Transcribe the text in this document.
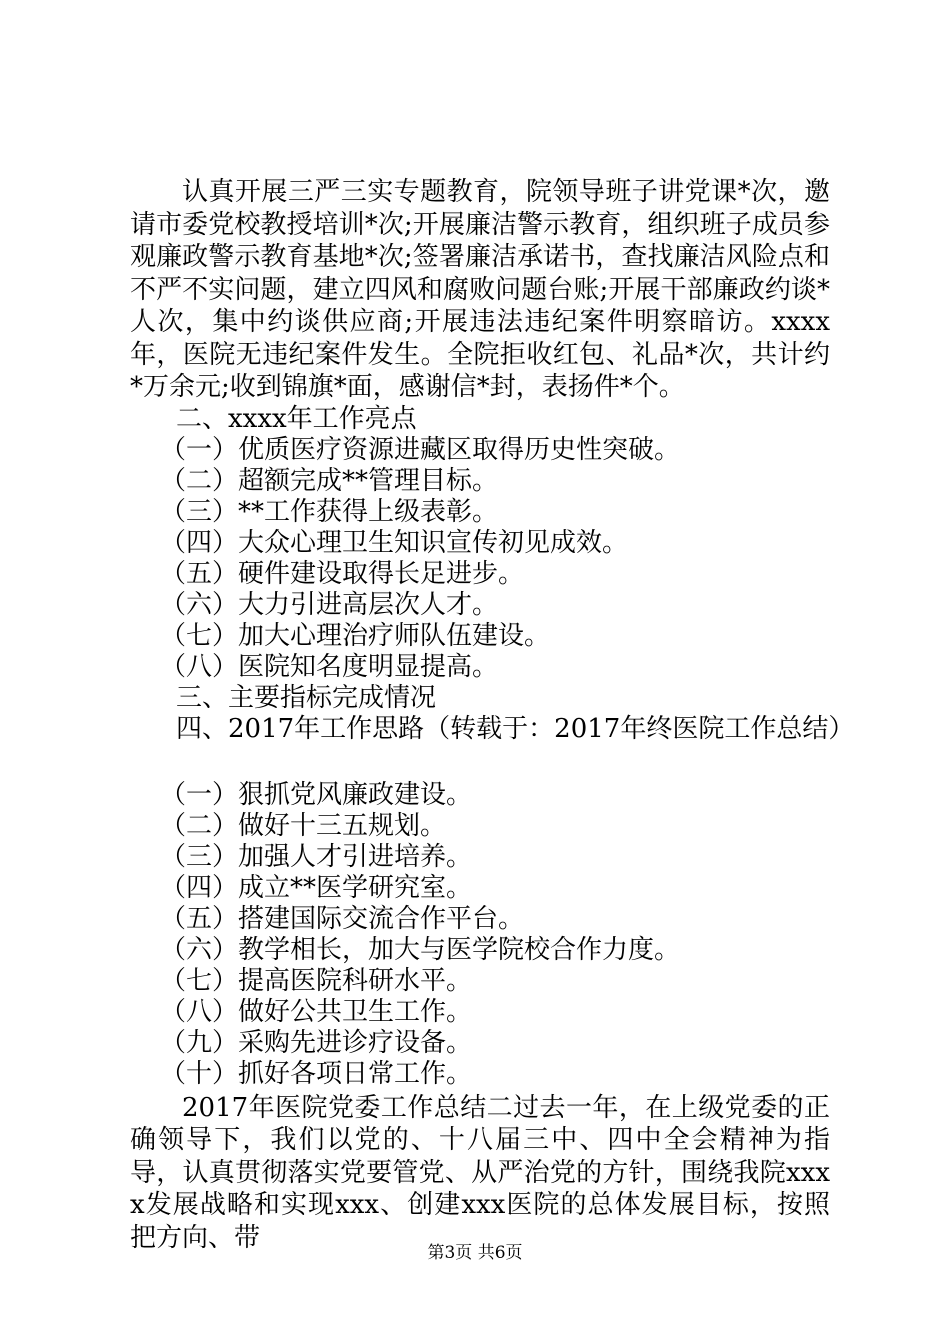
认真开展三严三实专题教育，院领导班子讲党课*次，邀请市委党校教授培训*次;开展廉洁警示教育，组织班子成员参观廉政警示教育基地*次;签署廉洁承诺书，查找廉洁风险点和不严不实问题，建立四风和腐败问题台账;开展干部廉政约谈*人次，集中约谈供应商;开展违法违纪案件明察暗访。xxxx年，医院无违纪案件发生。全院拒收红包、礼品*次，共计约*万余元;收到锦旗*面，感谢信*封，表扬件*个。

二、xxxx年工作亮点

（一）优质医疗资源进藏区取得历史性突破。

（二）超额完成**管理目标。

（三）**工作获得上级表彰。

（四）大众心理卫生知识宣传初见成效。

（五）硬件建设取得长足进步。

（六）大力引进高层次人才。

（七）加大心理治疗师队伍建设。

（八）医院知名度明显提高。

三、主要指标完成情况

四、2017年工作思路（转载于：2017年终医院工作总结）

（一）狠抓党风廉政建设。

（二）做好十三五规划。

（三）加强人才引进培养。

（四）成立**医学研究室。

（五）搭建国际交流合作平台。

（六）教学相长，加大与医学院校合作力度。

（七）提高医院科研水平。

（八）做好公共卫生工作。

（九）采购先进诊疗设备。

（十）抓好各项日常工作。

2017年医院党委工作总结二过去一年，在上级党委的正确领导下，我们以党的、十八届三中、四中全会精神为指导，认真贯彻落实党要管党、从严治党的方针，围绕我院xxxx发展战略和实现xxx、创建xxx医院的总体发展目标，按照把方向、带

第3页 共6页
